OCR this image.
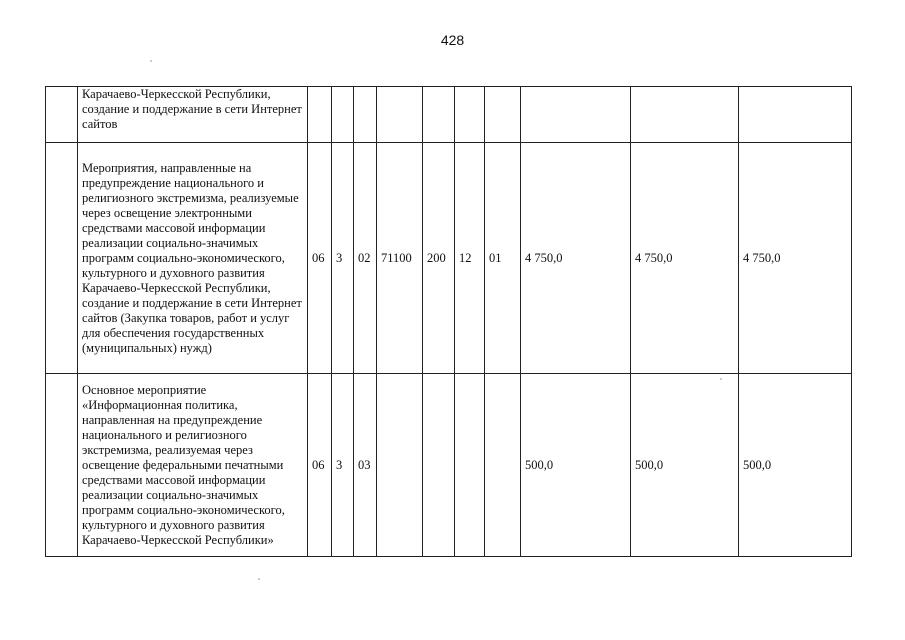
428
	Карачаево-Черкесской Республики, создание и поддержание в сети Интернет сайтов										
	Мероприятия, направленные на предупреждение национального и религиозного экстремизма, реализуемые через освещение электронными средствами массовой информации реализации социально-значимых программ социально-экономического, культурного и духовного развития Карачаево-Черкесской Республики, создание и поддержание в сети Интернет сайтов (Закупка товаров, работ и услуг для обеспечения государственных (муниципальных) нужд)	06	3	02	71100	200	12	01	4 750,0	4 750,0	4 750,0
	Основное мероприятие «Информационная политика, направленная на предупреждение национального и религиозного экстремизма, реализуемая через освещение федеральными печатными средствами массовой информации реализации социально-значимых программ социально-экономического, культурного и духовного развития Карачаево-Черкесской Республики»	06	3	03					500,0	500,0	500,0
